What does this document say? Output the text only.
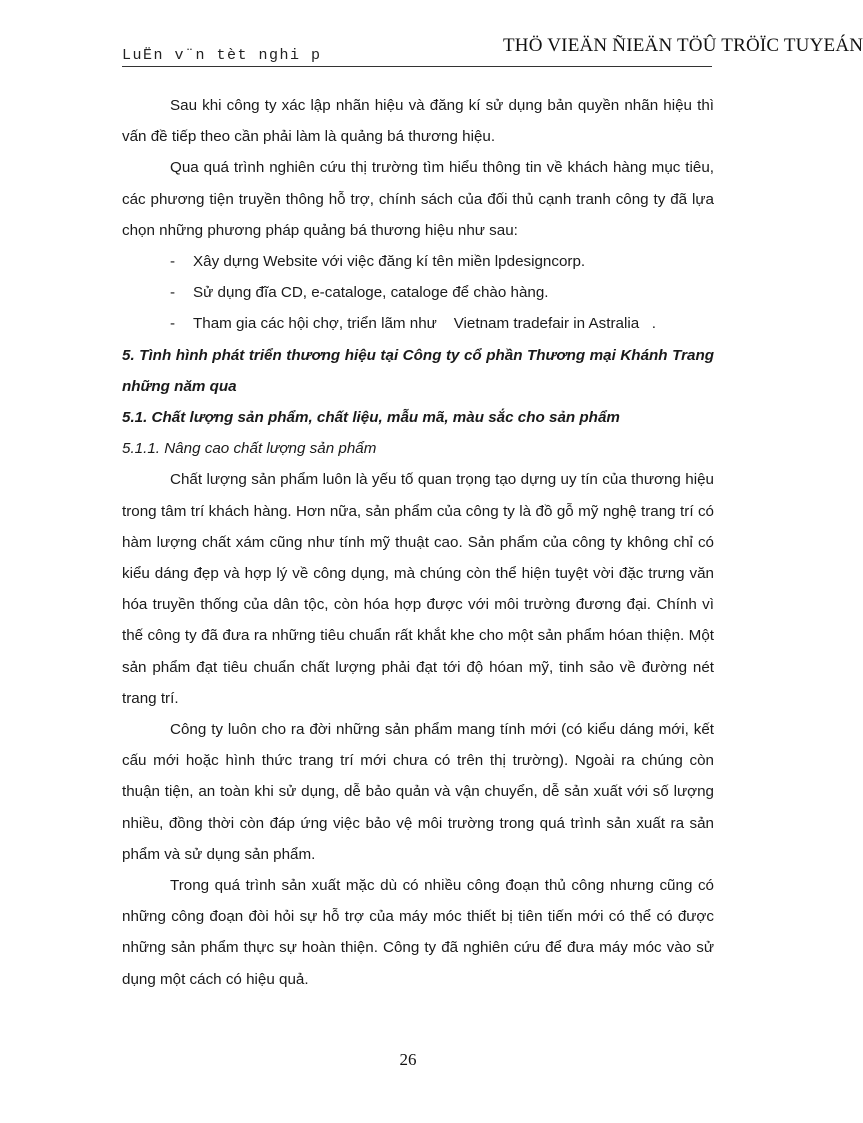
LuËn v¨n tèt nghi p	THÖ VIEÄN ÑIEÄN TÖÛ TRÖÏC TUYEÁN

Sau khi công ty xác lập nhãn hiệu và đăng kí sử dụng bản quyền nhãn hiệu thì vấn đề tiếp theo cần phải làm là quảng bá thương hiệu.

Qua quá trình nghiên cứu thị trường tìm hiểu thông tin về khách hàng mục tiêu, các phương tiện truyền thông hỗ trợ, chính sách của đối thủ cạnh tranh công ty đã lựa chọn những phương pháp quảng bá thương hiệu như sau:

-	Xây dựng Website với việc đăng kí tên miền lpdesigncorp.
-	Sử dụng đĩa CD, e-cataloge, cataloge để chào hàng.
-	Tham gia các hội chợ, triển lãm như    Vietnam tradefair in Astralia   .

5. Tình hình phát triển thương hiệu tại Công ty cổ phần Thương mại Khánh Trang những năm qua

5.1. Chất lượng sản phẩm, chất liệu, mẫu mã, màu sắc cho sản phẩm

5.1.1. Nâng cao chất lượng sản phẩm

Chất lượng sản phẩm luôn là yếu tố quan trọng tạo dựng uy tín của thương hiệu trong tâm trí khách hàng. Hơn nữa, sản phẩm của công ty là đồ gỗ mỹ nghệ trang trí có hàm lượng chất xám cũng như tính mỹ thuật cao. Sản phẩm của công ty không chỉ có kiểu dáng đẹp và hợp lý về công dụng, mà chúng còn thể hiện tuyệt vời đặc trưng văn hóa truyền thống của dân tộc, còn hóa hợp được với môi trường đương đại. Chính vì thế công ty đã đưa ra những tiêu chuẩn rất khắt khe cho một sản phẩm hóan thiện. Một sản phẩm đạt tiêu chuẩn chất lượng phải đạt tới độ hóan mỹ, tinh sảo về đường nét trang trí.

Công ty luôn cho ra đời những sản phẩm mang tính mới (có kiểu dáng mới, kết cấu mới hoặc hình thức trang trí mới chưa có trên thị trường). Ngoài ra chúng còn thuận tiện, an toàn khi sử dụng, dễ bảo quản và vận chuyển, dễ sản xuất với số lượng nhiều, đồng thời còn đáp ứng việc bảo vệ môi trường trong quá trình sản xuất ra sản phẩm và sử dụng sản phẩm.

Trong quá trình sản xuất mặc dù có nhiều công đoạn thủ công nhưng cũng có những công đoạn đòi hỏi sự hỗ trợ của máy móc thiết bị tiên tiến mới có thể có được những sản phẩm thực sự hoàn thiện. Công ty đã nghiên cứu để đưa máy móc vào sử dụng một cách có hiệu quả.

26
